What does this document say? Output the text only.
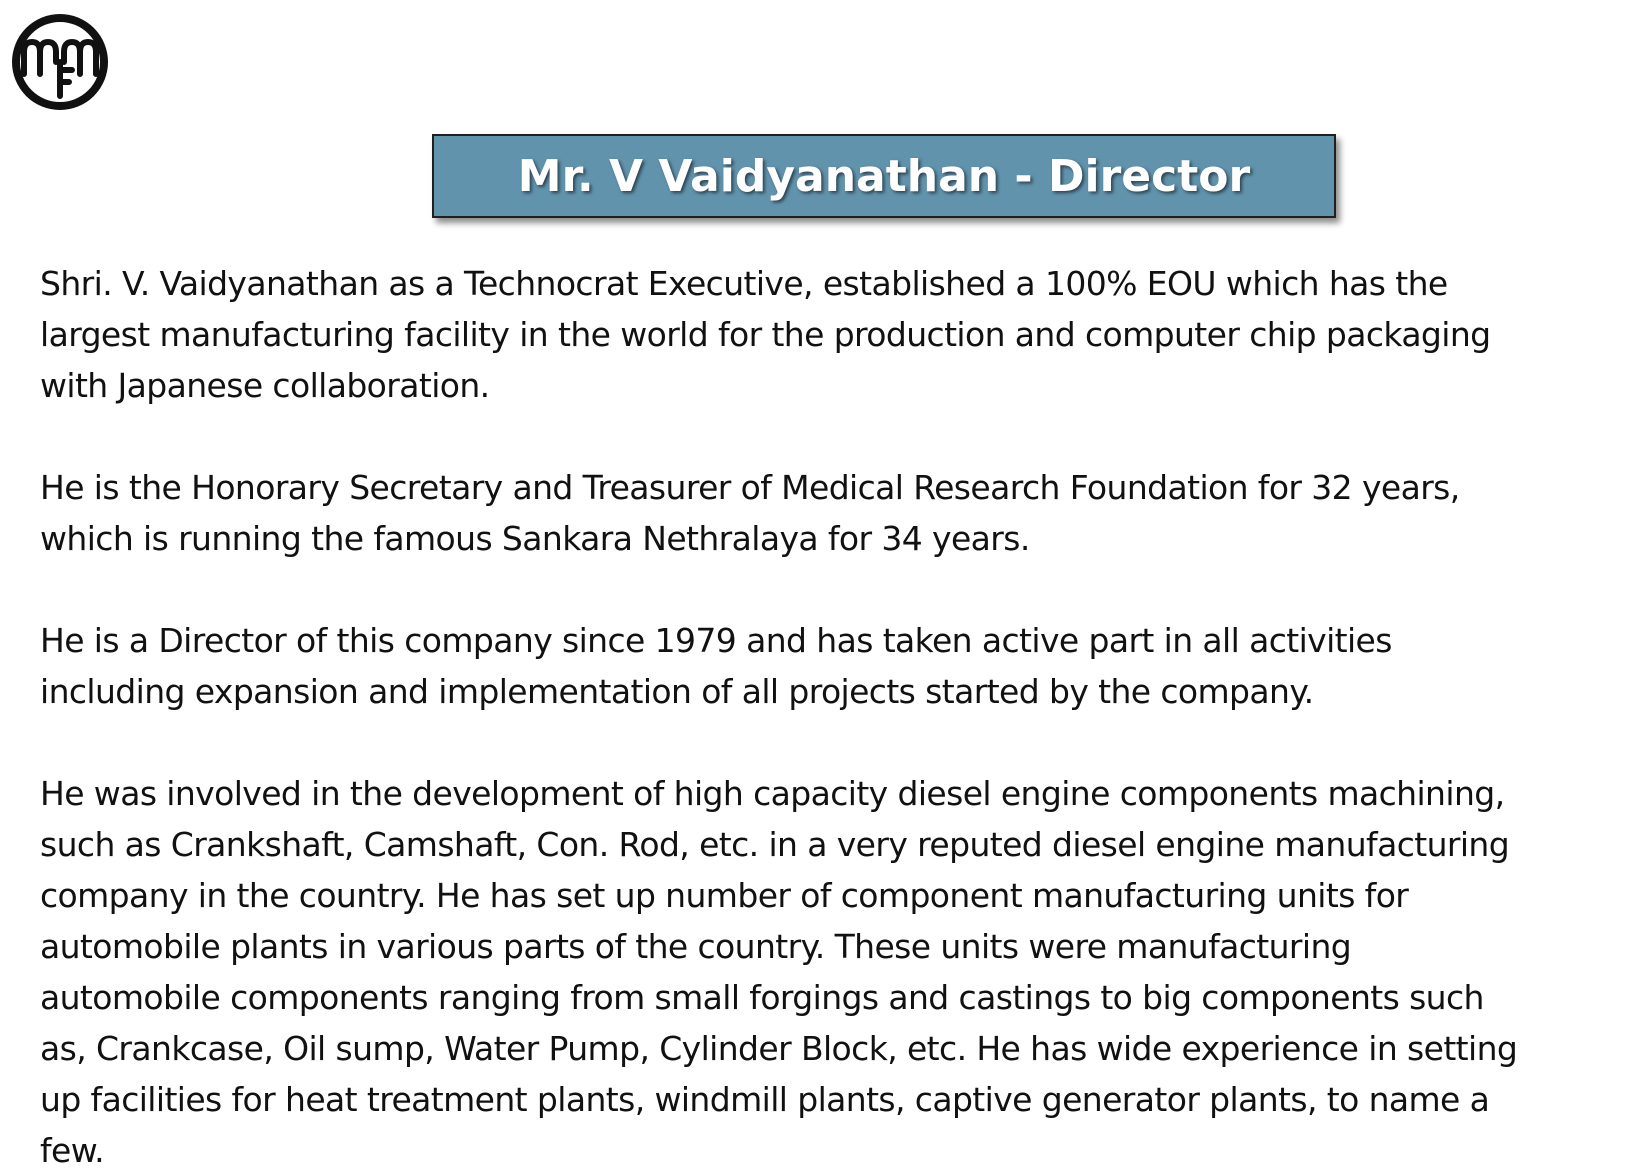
Mr. V Vaidyanathan - Director

Shri. V. Vaidyanathan as a Technocrat Executive, established a 100% EOU which has the
largest manufacturing facility in the world for the production and computer chip packaging
with Japanese collaboration.

He is the Honorary Secretary and Treasurer of Medical Research Foundation for 32 years,
which is running the famous Sankara Nethralaya for 34 years.

He is a Director of this company since 1979 and has taken active part in all activities
including expansion and implementation of all projects started by the company.

He was involved in the development of high capacity diesel engine components machining,
such as Crankshaft, Camshaft, Con. Rod, etc. in a very reputed diesel engine manufacturing
company in the country. He has set up number of component manufacturing units for
automobile plants in various parts of the country. These units were manufacturing
automobile components ranging from small forgings and castings to big components such
as, Crankcase, Oil sump, Water Pump, Cylinder Block, etc. He has wide experience in setting
up facilities for heat treatment plants, windmill plants, captive generator plants, to name a
few.
